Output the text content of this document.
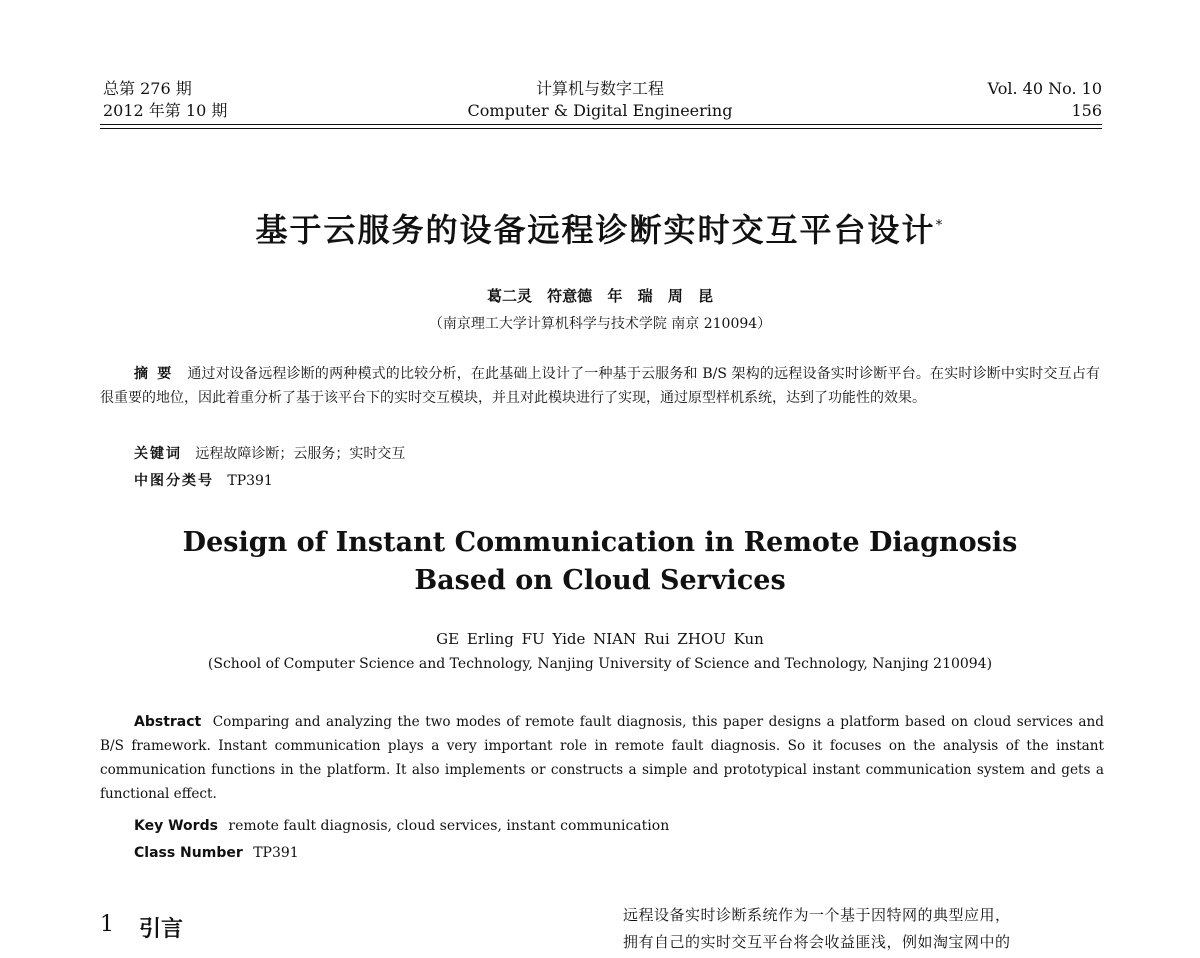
总第 276 期
2012 年第 10 期
计算机与数字工程
Computer & Digital Engineering
Vol. 40 No. 10
156
基于云服务的设备远程诊断实时交互平台设计*
葛二灵 符意德 年 瑞 周 昆
（南京理工大学计算机科学与技术学院 南京 210094）
摘 要 通过对设备远程诊断的两种模式的比较分析，在此基础上设计了一种基于云服务和 B/S 架构的远程设备实时诊断平台。在实时诊断中实时交互占有很重要的地位，因此着重分析了基于该平台下的实时交互模块，并且对此模块进行了实现，通过原型样机系统，达到了功能性的效果。
关键词 远程故障诊断；云服务；实时交互
中图分类号 TP391
Design of Instant Communication in Remote Diagnosis
Based on Cloud Services
GE Erling FU Yide NIAN Rui ZHOU Kun
(School of Computer Science and Technology, Nanjing University of Science and Technology, Nanjing 210094)
Abstract Comparing and analyzing the two modes of remote fault diagnosis, this paper designs a platform based on cloud services and B/S framework. Instant communication plays a very important role in remote fault diagnosis. So it focuses on the analysis of the instant communication functions in the platform. It also implements or constructs a simple and prototypical instant communication system and gets a functional effect.
Key Words remote fault diagnosis, cloud services, instant communication
Class Number TP391
1 引言
远程设备实时诊断系统作为一个基于因特网的典型应用，
拥有自己的实时交互平台将会收益匪浅，例如淘宝网中的
